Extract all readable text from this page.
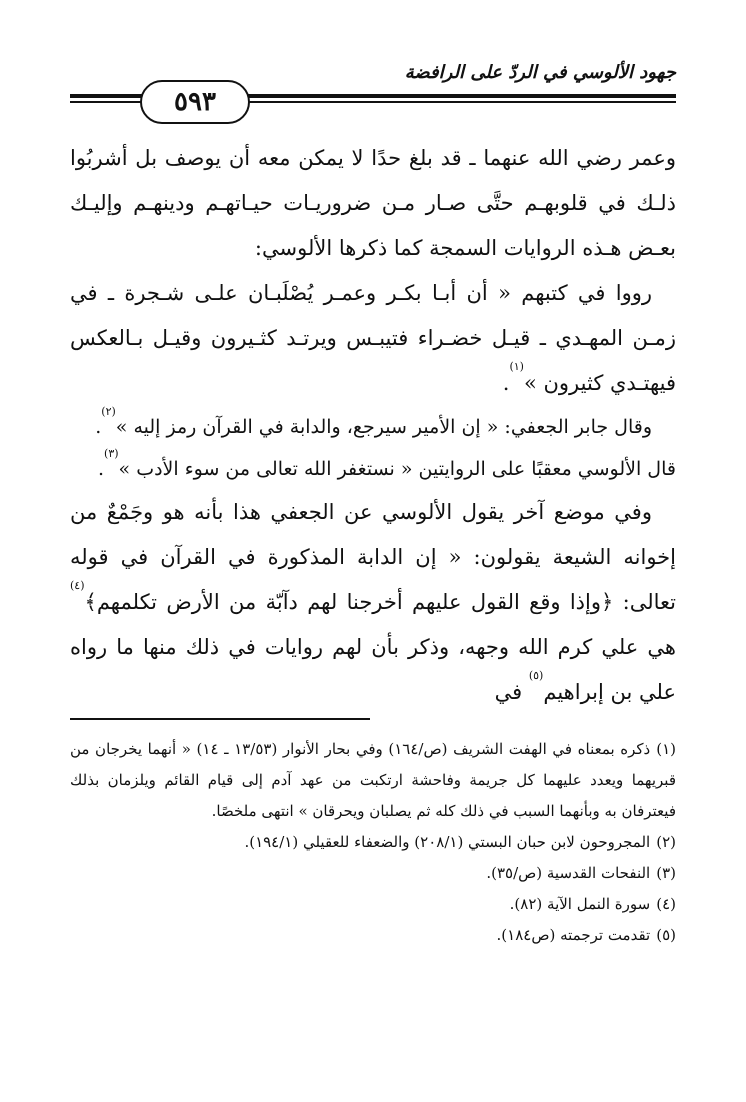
جهود الألوسي في الردّ على الرافضة
٥٩٣

وعمر رضي الله عنهما ـ قد بلغ حدًا لا يمكن معه أن يوصف بل أشربُوا ذلـك في قلوبهـم حتَّى صـار مـن ضروريـات حيـاتهـم ودينهـم وإليـك بعـض هـذه الروايات السمجة كما ذكرها الألوسي:

رووا في كتبهم « أن أبـا بكـر وعمـر يُصْلَبـان علـى شـجرة ـ في زمـن المهـدي ـ قيـل خضـراء فتيبـس ويرتـد كثـيرون وقيـل بـالعكس فيهتـدي كثيرون »$^{(١)}$.

وقال جابر الجعفي: « إن الأمير سيرجع، والدابة في القرآن رمز إليه »$^{(٢)}$.

قال الألوسي معقبًا على الروايتين « نستغفر الله تعالى من سوء الأدب »$^{(٣)}$.

وفي موضع آخر يقول الألوسي عن الجعفي هذا بأنه هو وجَمْعٌ من إخوانه الشيعة يقولون: « إن الدابة المذكورة في القرآن في قوله تعالى: ﴿وإذا وقع القول عليهم أخرجنا لهم دآبّة من الأرض تكلمهم﴾$^{(٤)}$ هي علي كرم الله وجهه، وذكر بأن لهم روايات في ذلك منها ما رواه علي بن إبراهيم$^{(٥)}$ في

(١)ذكره بمعناه في الهفت الشريف (ص/١٦٤) وفي بحار الأنوار (١٣/٥٣ ـ ١٤) « أنهما يخرجان من قبريهما ويعدد عليهما كل جريمة وفاحشة ارتكبت من عهد آدم إلى قيام القائم ويلزمان بذلك فيعترفان به وبأنهما السبب في ذلك كله ثم يصلبان ويحرقان » انتهى ملخصًا.

(٢)المجروحون لابن حبان البستي (٢٠٨/١) والضعفاء للعقيلي (١٩٤/١).

(٣)النفحات القدسية (ص/٣٥).

(٤)سورة النمل الآية (٨٢).

(٥)تقدمت ترجمته (ص١٨٤).
